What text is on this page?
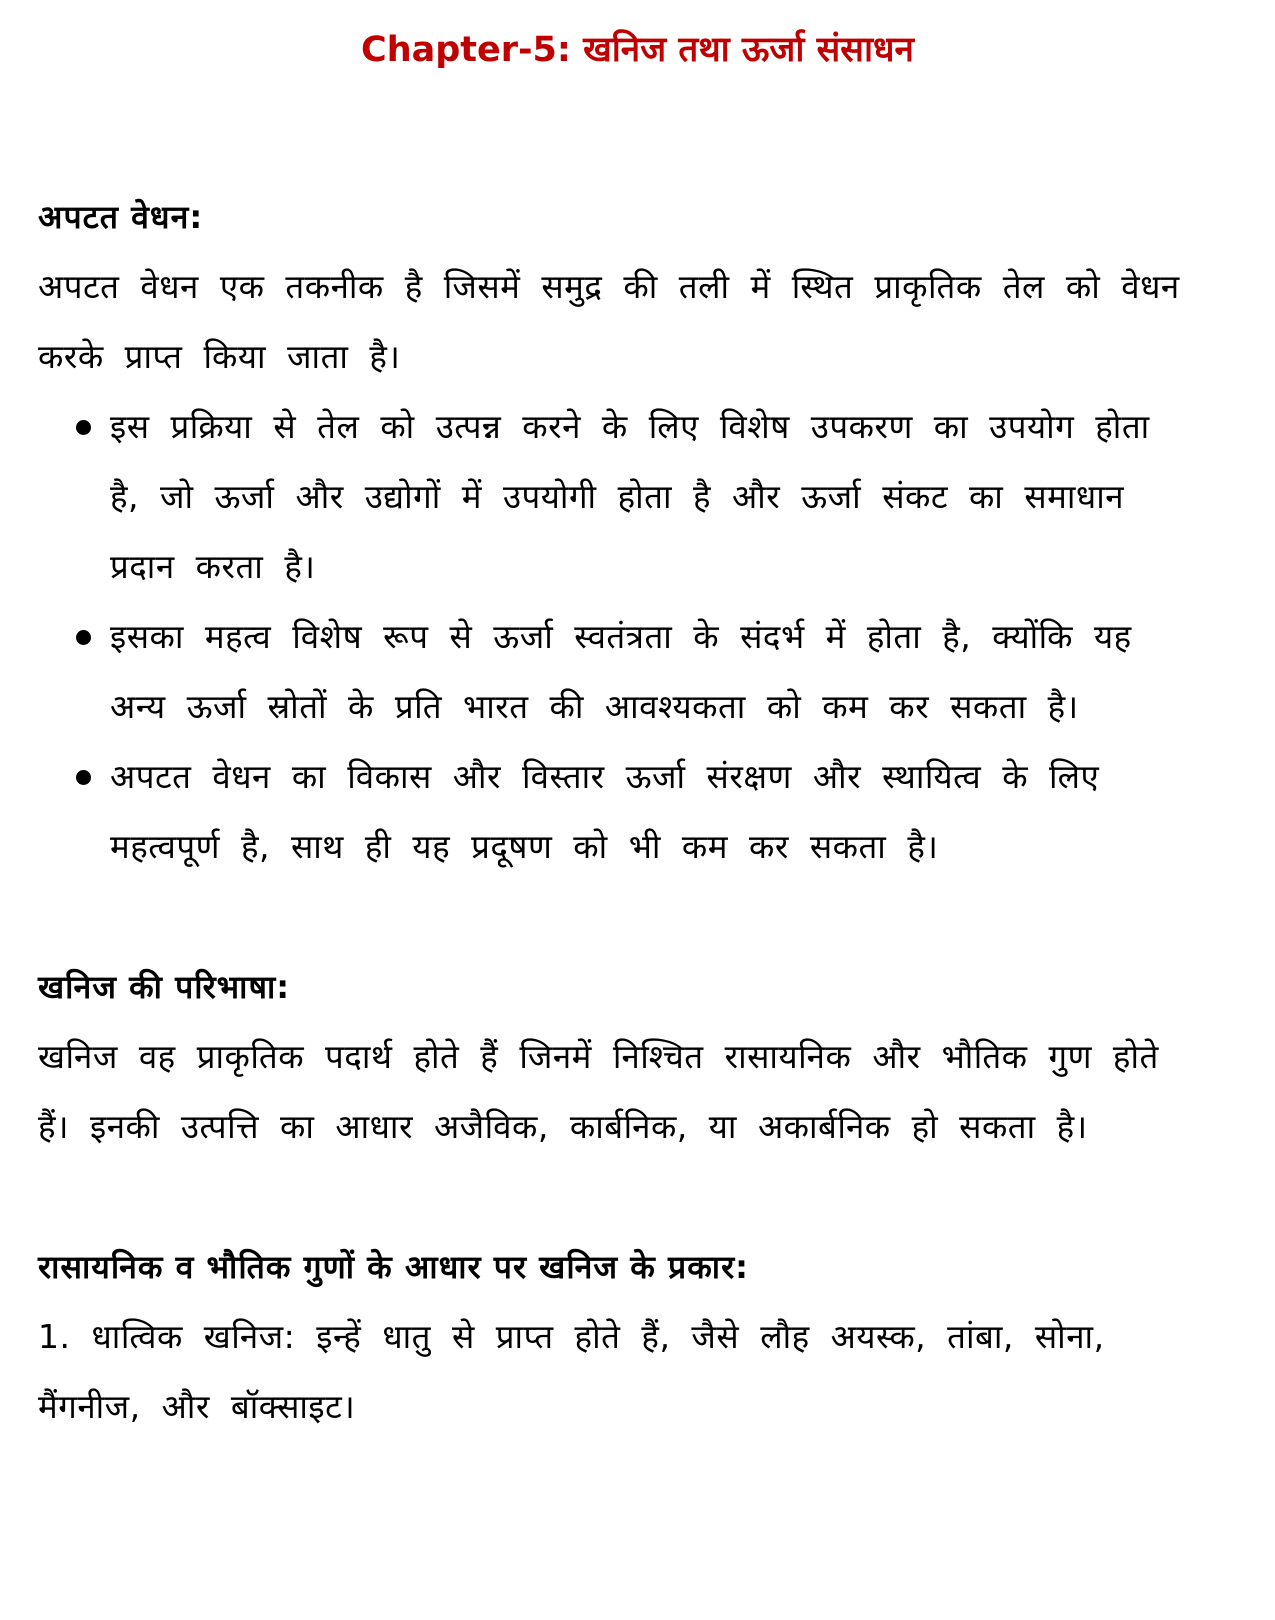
Chapter-5: खनिज तथा ऊर्जा संसाधन
अपटत वेधन:

अपटत वेधन एक तकनीक है जिसमें समुद्र की तली में स्थित प्राकृतिक तेल को वेधन करके प्राप्त किया जाता है।

इस प्रक्रिया से तेल को उत्पन्न करने के लिए विशेष उपकरण का उपयोग होता है, जो ऊर्जा और उद्योगों में उपयोगी होता है और ऊर्जा संकट का समाधान प्रदान करता है।
इसका महत्व विशेष रूप से ऊर्जा स्वतंत्रता के संदर्भ में होता है, क्योंकि यह अन्य ऊर्जा स्रोतों के प्रति भारत की आवश्यकता को कम कर सकता है।
अपटत वेधन का विकास और विस्तार ऊर्जा संरक्षण और स्थायित्व के लिए महत्वपूर्ण है, साथ ही यह प्रदूषण को भी कम कर सकता है।
खनिज की परिभाषा:

खनिज वह प्राकृतिक पदार्थ होते हैं जिनमें निश्चित रासायनिक और भौतिक गुण होते हैं। इनकी उत्पत्ति का आधार अजैविक, कार्बनिक, या अकार्बनिक हो सकता है।

रासायनिक व भौतिक गुणों के आधार पर खनिज के प्रकार:

1. धात्विक खनिज: इन्हें धातु से प्राप्त होते हैं, जैसे लौह अयस्क, तांबा, सोना, मैंगनीज, और बॉक्साइट।
